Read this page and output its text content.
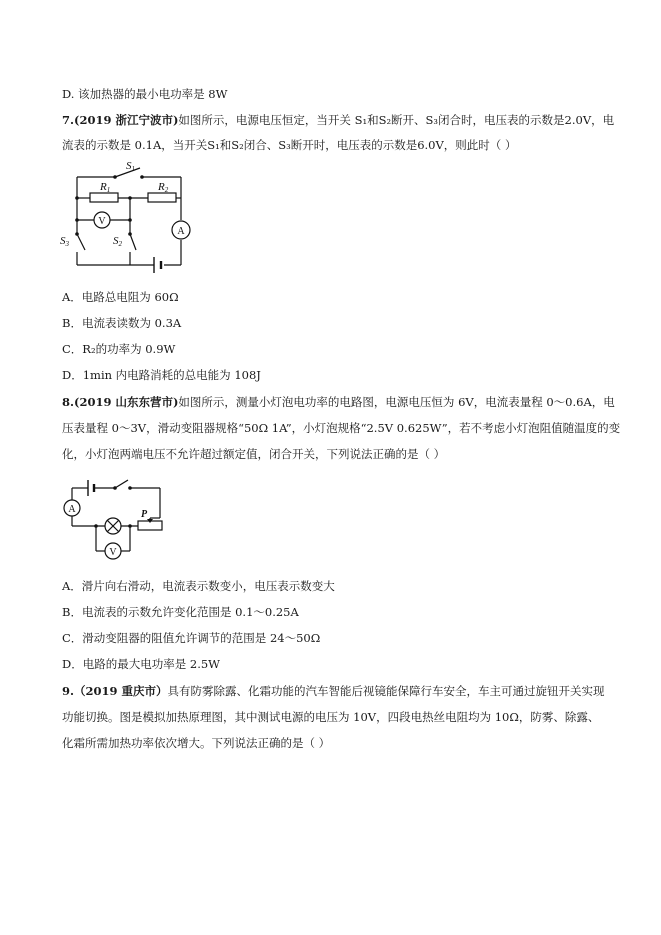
D. 该加热器的最小电功率是 8W
7.(2019 浙江宁波市)如图所示，电源电压恒定，当开关 S₁和S₂断开、S₃闭合时，电压表的示数是2.0V，电
流表的示数是 0.1A，当开关S₁和S₂闭合、S₃断开时，电压表的示数是6.0V，则此时（ ）
S1
R1	R2
S3	S2
V
A
A．电路总电阻为 60Ω
B．电流表读数为 0.3A
C．R₂的功率为 0.9W
D．1min 内电路消耗的总电能为 108J
8.(2019 山东东营市)如图所示，测量小灯泡电功率的电路图，电源电压恒为 6V，电流表量程 0～0.6A，电
压表量程 0～3V，滑动变阻器规格“50Ω 1A”，小灯泡规格“2.5V 0.625W”，若不考虑小灯泡阻值随温度的变
化，小灯泡两端电压不允许超过额定值，闭合开关，下列说法正确的是（ ）
A
V
P
A．滑片向右滑动，电流表示数变小，电压表示数变大
B．电流表的示数允许变化范围是 0.1～0.25A
C．滑动变阻器的阻值允许调节的范围是 24～50Ω
D．电路的最大电功率是 2.5W
9.（2019 重庆市）具有防雾除露、化霜功能的汽车智能后视镜能保障行车安全，车主可通过旋钮开关实现
功能切换。图是模拟加热原理图，其中测试电源的电压为 10V，四段电热丝电阻均为 10Ω，防雾、除露、
化霜所需加热功率依次增大。下列说法正确的是（ ）
